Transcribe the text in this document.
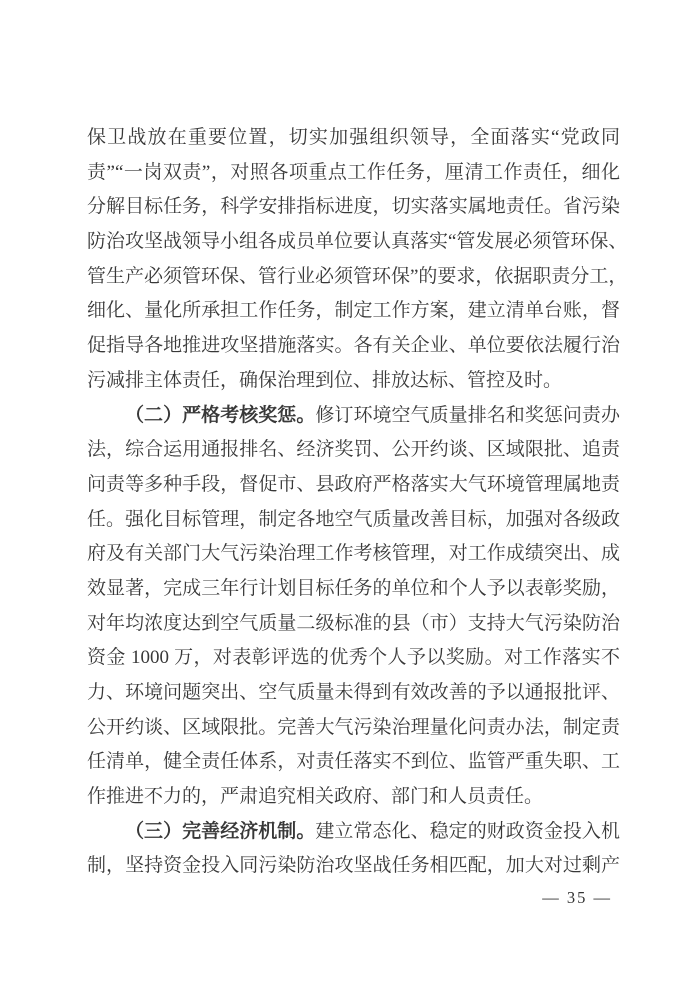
保卫战放在重要位置，切实加强组织领导，全面落实“党政同
责”“一岗双责”，对照各项重点工作任务，厘清工作责任，细化
分解目标任务，科学安排指标进度，切实落实属地责任。省污染
防治攻坚战领导小组各成员单位要认真落实“管发展必须管环保、
管生产必须管环保、管行业必须管环保”的要求，依据职责分工，
细化、量化所承担工作任务，制定工作方案，建立清单台账，督
促指导各地推进攻坚措施落实。各有关企业、单位要依法履行治
污减排主体责任，确保治理到位、排放达标、管控及时。
（二）严格考核奖惩。修订环境空气质量排名和奖惩问责办
法，综合运用通报排名、经济奖罚、公开约谈、区域限批、追责
问责等多种手段，督促市、县政府严格落实大气环境管理属地责
任。强化目标管理，制定各地空气质量改善目标，加强对各级政
府及有关部门大气污染治理工作考核管理，对工作成绩突出、成
效显著，完成三年行计划目标任务的单位和个人予以表彰奖励，
对年均浓度达到空气质量二级标准的县（市）支持大气污染防治
资金 1000 万，对表彰评选的优秀个人予以奖励。对工作落实不
力、环境问题突出、空气质量未得到有效改善的予以通报批评、
公开约谈、区域限批。完善大气污染治理量化问责办法，制定责
任清单，健全责任体系，对责任落实不到位、监管严重失职、工
作推进不力的，严肃追究相关政府、部门和人员责任。
（三）完善经济机制。建立常态化、稳定的财政资金投入机
制，坚持资金投入同污染防治攻坚战任务相匹配，加大对过剩产
— 35 —
